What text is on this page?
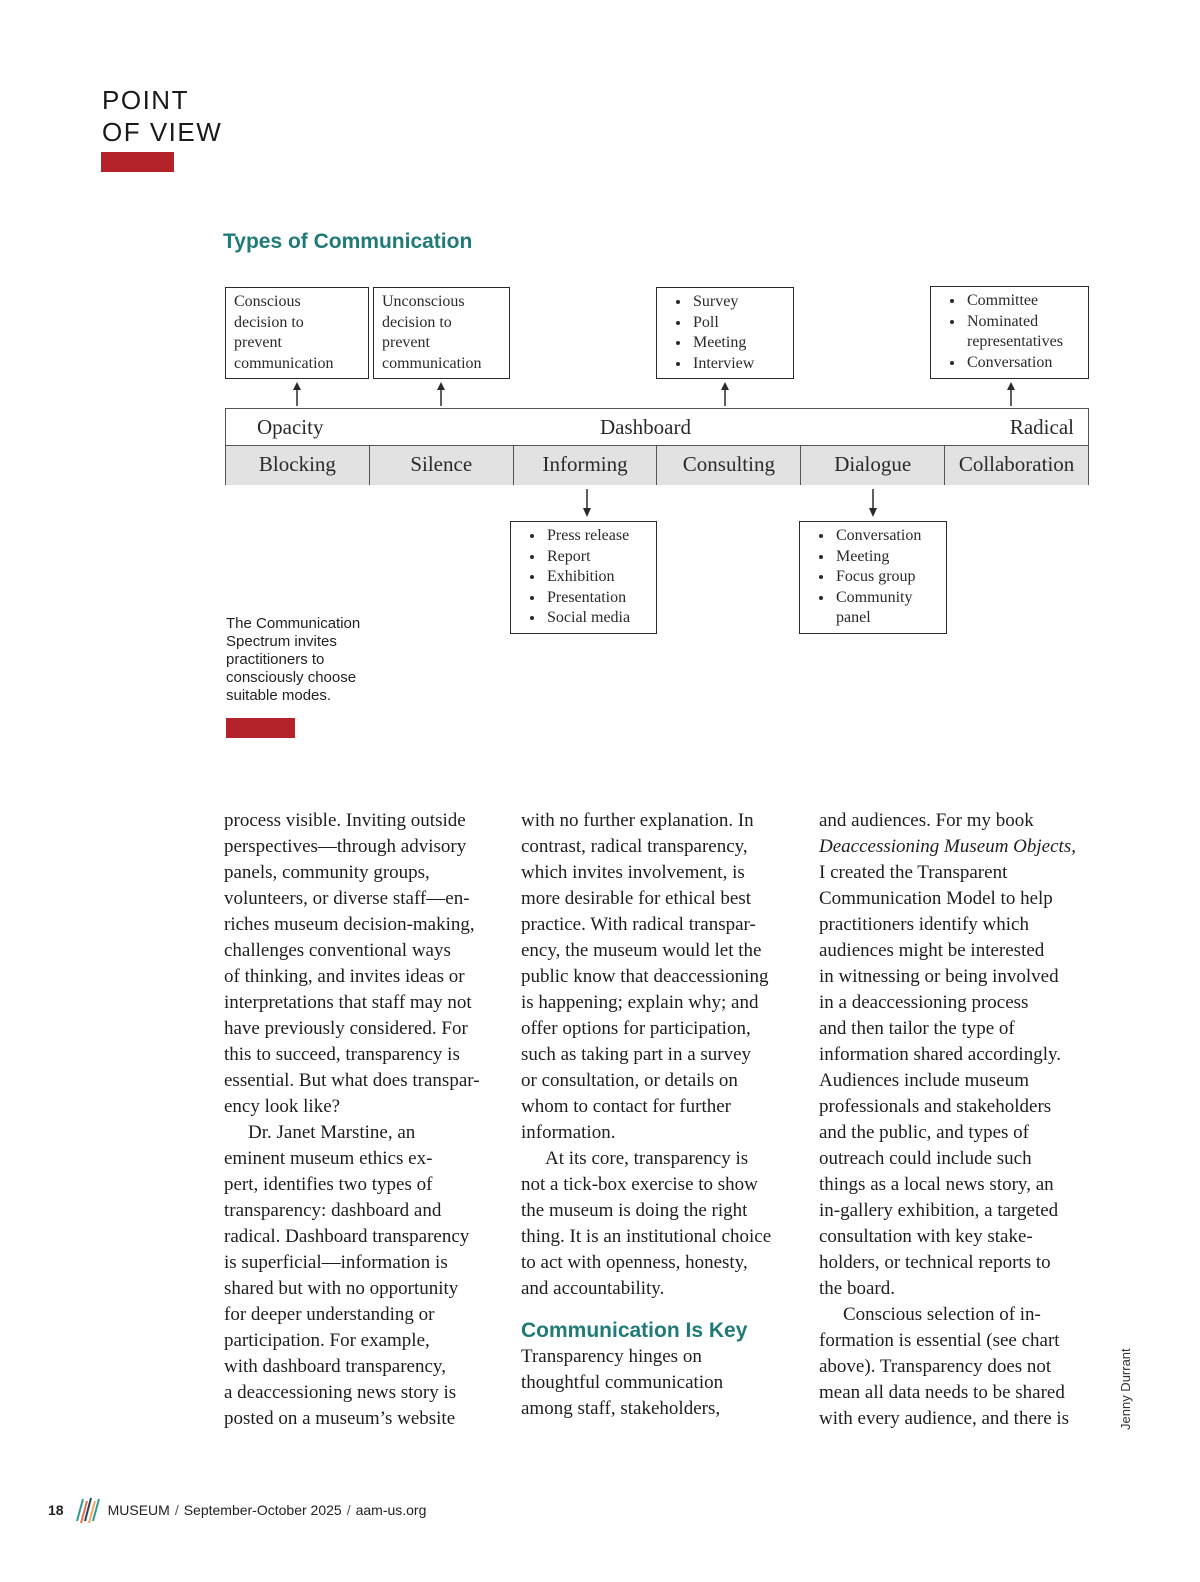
POINT
OF VIEW
Types of Communication
Conscious
decision to
prevent
communication
Unconscious
decision to
prevent
communication
• Survey
• Poll
• Meeting
• Interview
• Committee
• Nominated representatives
• Conversation
Opacity	Dashboard	Radical
Blocking	Silence	Informing	Consulting	Dialogue	Collaboration
• Press release
• Report
• Exhibition
• Presentation
• Social media
• Conversation
• Meeting
• Focus group
• Community panel
The Communication
Spectrum invites
practitioners to
consciously choose
suitable modes.

process visible. Inviting outside
perspectives—through advisory
panels, community groups,
volunteers, or diverse staff—en-
riches museum decision-making,
challenges conventional ways
of thinking, and invites ideas or
interpretations that staff may not
have previously considered. For
this to succeed, transparency is
essential. But what does transpar-
ency look like?

Dr. Janet Marstine, an
eminent museum ethics ex-
pert, identifies two types of
transparency: dashboard and
radical. Dashboard transparency
is superficial—information is
shared but with no opportunity
for deeper understanding or
participation. For example,
with dashboard transparency,
a deaccessioning news story is
posted on a museum’s website

with no further explanation. In
contrast, radical transparency,
which invites involvement, is
more desirable for ethical best
practice. With radical transpar-
ency, the museum would let the
public know that deaccessioning
is happening; explain why; and
offer options for participation,
such as taking part in a survey
or consultation, or details on
whom to contact for further
information.

At its core, transparency is
not a tick-box exercise to show
the museum is doing the right
thing. It is an institutional choice
to act with openness, honesty,
and accountability.

Communication Is Key

Transparency hinges on
thoughtful communication
among staff, stakeholders,

and audiences. For my book
Deaccessioning Museum Objects,
I created the Transparent
Communication Model to help
practitioners identify which
audiences might be interested
in witnessing or being involved
in a deaccessioning process
and then tailor the type of
information shared accordingly.
Audiences include museum
professionals and stakeholders
and the public, and types of
outreach could include such
things as a local news story, an
in-gallery exhibition, a targeted
consultation with key stake-
holders, or technical reports to
the board.

Conscious selection of in-
formation is essential (see chart
above). Transparency does not
mean all data needs to be shared
with every audience, and there is	Jenny Durrant
18	MUSEUM / September-October 2025 / aam-us.org
